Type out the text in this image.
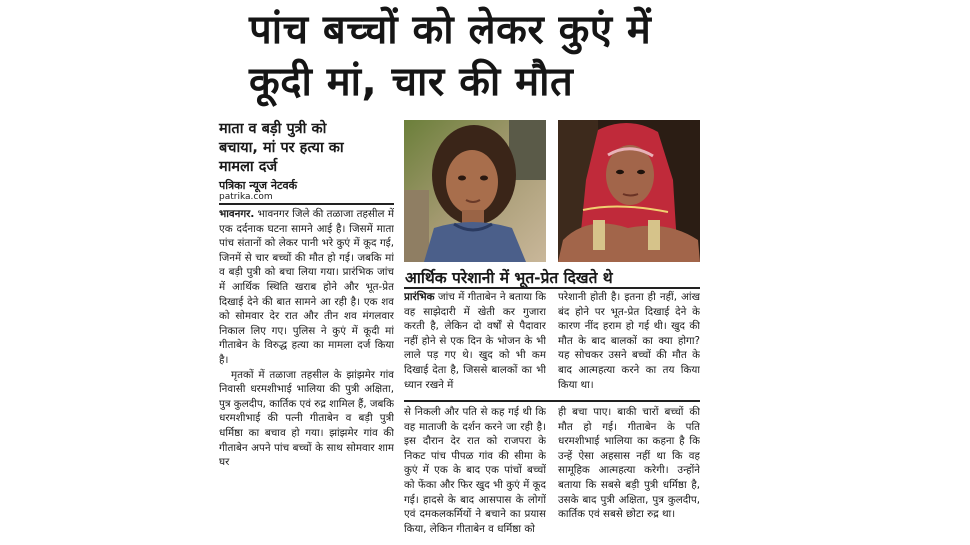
पांच बच्चों को लेकर कुएं में कूदी मां, चार की मौत
माता व बड़ी पुत्री को बचाया, मां पर हत्या का मामला दर्ज
पत्रिका न्यूज नेटवर्क
patrika.com
भावनगर. भावनगर जिले की तळाजा तहसील में एक दर्दनाक घटना सामने आई है। जिसमें माता पांच संतानों को लेकर पानी भरे कुएं में कूद गई, जिनमें से चार बच्चों की मौत हो गई। जबकि मां व बड़ी पुत्री को बचा लिया गया। प्रारंभिक जांच में आर्थिक स्थिति खराब होने और भूत-प्रेत दिखाई देने की बात सामने आ रही है। एक शव को सोमवार देर रात और तीन शव मंगलवार निकाल लिए गए। पुलिस ने कुएं में कूदी मां गीताबेन के विरुद्ध हत्या का मामला दर्ज किया है।
मृतकों में तळाजा तहसील के झांझमेर गांव निवासी धरमशीभाई भालिया की पुत्री अक्षिता, पुत्र कुलदीप, कार्तिक एवं रुद्र शामिल हैं, जबकि धरमशीभाई की पत्नी गीताबेन व बड़ी पुत्री धर्मिष्ठा का बचाव हो गया। झांझमेर गांव की गीताबेन अपने पांच बच्चों के साथ सोमवार शाम घर
आर्थिक परेशानी में भूत-प्रेत दिखते थे
प्रारंभिक जांच में गीताबेन ने बताया कि वह साझेदारी में खेती कर गुजारा करती है, लेकिन दो वर्षों से पैदावार नहीं होने से एक दिन के भोजन के भी लाले पड़ गए थे। खुद को भी कम दिखाई देता है, जिससे बालकों का भी ध्यान रखने में
परेशानी होती है। इतना ही नहीं, आंख बंद होने पर भूत-प्रेत दिखाई देने के कारण नींद हराम हो गई थी। खुद की मौत के बाद बालकों का क्या होगा? यह सोचकर उसने बच्चों की मौत के बाद आत्महत्या करने का तय किया किया था।
से निकली और पति से कह गई थी कि वह माताजी के दर्शन करने जा रही है। इस दौरान देर रात को राजपरा के निकट पांच पीपळ गांव की सीमा के कुएं में एक के बाद एक पांचों बच्चों को फेंका और फिर खुद भी कुएं में कूद गई। हादसे के बाद आसपास के लोगों एवं दमकलकर्मियों ने बचाने का प्रयास किया, लेकिन गीताबेन व धर्मिष्ठा को
ही बचा पाए। बाकी चारों बच्चों की मौत हो गई। गीताबेन के पति धरमशीभाई भालिया का कहना है कि उन्हें ऐसा अहसास नहीं था कि वह सामूहिक आत्महत्या करेगी। उन्होंने बताया कि सबसे बड़ी पुत्री धर्मिष्ठा है, उसके बाद पुत्री अक्षिता, पुत्र कुलदीप, कार्तिक एवं सबसे छोटा रुद्र था।
